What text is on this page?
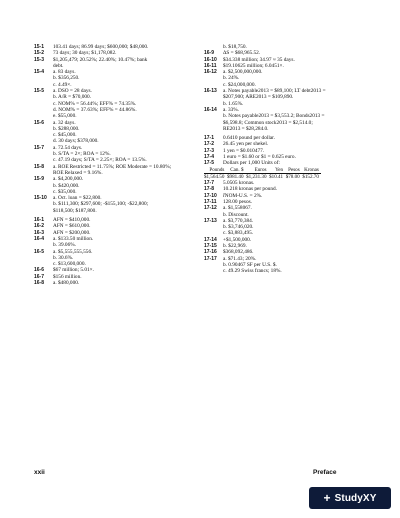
15-1 103.41 days; 86.99 days; $600,000; $48,000.
15-2 73 days; 30 days; $1,178,082.
15-3 $1,205,479; 20.52%; 22.40%; 10.47%; bank
debt.
15-4 a. 83 days.
b. $356,250.
c. 4.49×.
15-5 a. DSO = 28 days.
b. A/R = $70,000.
c. NOM% = 56.44%; EFF% = 74.35%.
d. NOM% = 37.63%; EFF% = 44.86%.
e. $55,000.
15-6 a. 32 days.
b. $288,000.
c. $45,000.
d. 30 days; $378,000.
15-7 a. 72.54 days.
b. S/TA = 2×; ROA = 12%.
c. 47.19 days; S/TA = 2.25×; ROA = 13.5%.
15-8 a. ROE Restricted = 11.75%; ROE Moderate = 10.80%;
ROE Relaxed = 9.16%.
15-9 a. $4,200,000.
b. $420,000.
c. $35,000.
15-10 a. Oct. loan = $22,800.
b. $111,300; $297,600; -$155,100; -$22,800;
$118,500; $187,800.
16-1 AFN = $410,000.
16-2 AFN = $610,000.
16-3 AFN = $200,000.
16-4 a. $133.50 million.
b. 39.06%.
16-5 a. $5,555,555,556.
b. 30.6%.
c. $13,600,000.
16-6 $67 million; 5.01×.
16-7 $156 million.
16-8 a. $480,000.
b. $18,750.
16-9 ΔS = $68,965.52.
16-10 $34.338 million; 34.97 ≈ 35 days.
16-11 $19.10625 million; 6.0451×.
16-12 a. $2,500,000,000.
b. 24%.
c. $24,000,000.
16-13 a. Notes payable2013 = $89,100; LT debt2013 =
$207,900; ARE2013 = $109,890.
b. 1.65%.
16-14 a. 33%.
b. Notes payable2013 = $3,553.2; Bonds2013 =
$6,598.8; Common stock2013 = $2,514.0;
RE2013 = $28,284.0.
17-1 0.6410 pound per dollar.
17-2 26.45 yen per shekel.
17-3 1 yen = $0.010477.
17-4 1 euro = $1.60 or $1 = 0.625 euro.
17-5 Dollars per 1,000 Units of:
Pounds	Can. $	Euros	Yen	Pesos	Kronas
$1,564.50	$981.40	$1,231.30	$10.41	$78.00	$152.70
17-7 5.0505 kronas.
17-8 10.218 kronas per pound.
17-10 r̂NOM-U.S. = 2%.
17-11 128.00 pesos.
17-12 a. $1,558067.
b. Discount.
17-13 a. $3,770,384.
b. $3,746,020.
c. $3,883,495.
17-14 +$1,500,000.
17-15 b. $22,969.
17-16 $368,092,486.
17-17 a. $71.43; 20%.
b. 0.90467 SF per U.S. $.
c. 49.29 Swiss francs; 18%.
xxii	Preface
+ StudyXY
